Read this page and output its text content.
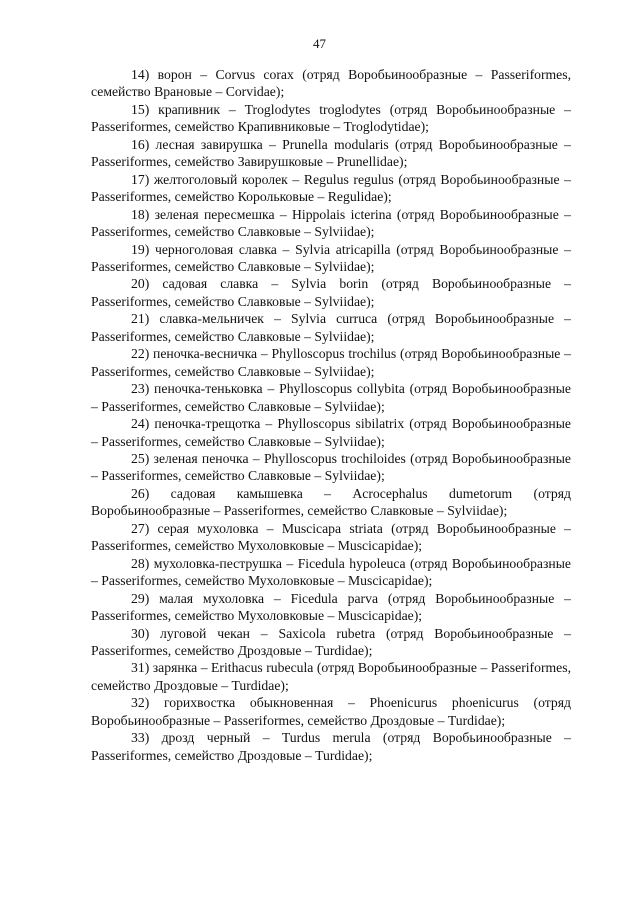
47

14) ворон – Corvus corax (отряд Воробьинообразные – Passeriformes, семейство Врановые – Corvidae);

15) крапивник – Troglodytes troglodytes (отряд Воробьинообразные – Passeriformes, семейство Крапивниковые – Troglodytidae);

16) лесная завирушка – Prunella modularis (отряд Воробьинообразные – Passeriformes, семейство Завирушковые – Prunellidae);

17) желтоголовый королек – Regulus regulus (отряд Воробьинообразные – Passeriformes, семейство Корольковые – Regulidae);

18) зеленая пересмешка – Hippolais icterina (отряд Воробьинообразные – Passeriformes, семейство Славковые – Sylviidae);

19) черноголовая славка – Sylvia atricapilla (отряд Воробьинообразные – Passeriformes, семейство Славковые – Sylviidae);

20) садовая славка – Sylvia borin (отряд Воробьинообразные – Passeriformes, семейство Славковые – Sylviidae);

21) славка-мельничек – Sylvia curruca (отряд Воробьинообразные – Passeriformes, семейство Славковые – Sylviidae);

22) пеночка-весничка – Phylloscopus trochilus (отряд Воробьинообразные – Passeriformes, семейство Славковые – Sylviidae);

23) пеночка-теньковка – Phylloscopus collybita (отряд Воробьинообразные – Passeriformes, семейство Славковые – Sylviidae);

24) пеночка-трещотка – Phylloscopus sibilatrix (отряд Воробьинообразные – Passeriformes, семейство Славковые – Sylviidae);

25) зеленая пеночка – Phylloscopus trochiloides (отряд Воробьинообразные – Passeriformes, семейство Славковые – Sylviidae);

26) садовая камышевка – Acrocephalus dumetorum (отряд Воробьинообразные – Passeriformes, семейство Славковые – Sylviidae);

27) серая мухоловка – Muscicapa striata (отряд Воробьинообразные – Passeriformes, семейство Мухоловковые – Muscicapidae);

28) мухоловка-пеструшка – Ficedula hypoleuca (отряд Воробьинообразные – Passeriformes, семейство Мухоловковые – Muscicapidae);

29) малая мухоловка – Ficedula parva (отряд Воробьинообразные – Passeriformes, семейство Мухоловковые – Muscicapidae);

30) луговой чекан – Saxicola rubetra (отряд Воробьинообразные – Passeriformes, семейство Дроздовые – Turdidae);

31) зарянка – Erithacus rubecula (отряд Воробьинообразные – Passeriformes, семейство Дроздовые – Turdidae);

32) горихвостка обыкновенная – Phoenicurus phoenicurus (отряд Воробьинообразные – Passeriformes, семейство Дроздовые – Turdidae);

33) дрозд черный – Turdus merula (отряд Воробьинообразные – Passeriformes, семейство Дроздовые – Turdidae);
